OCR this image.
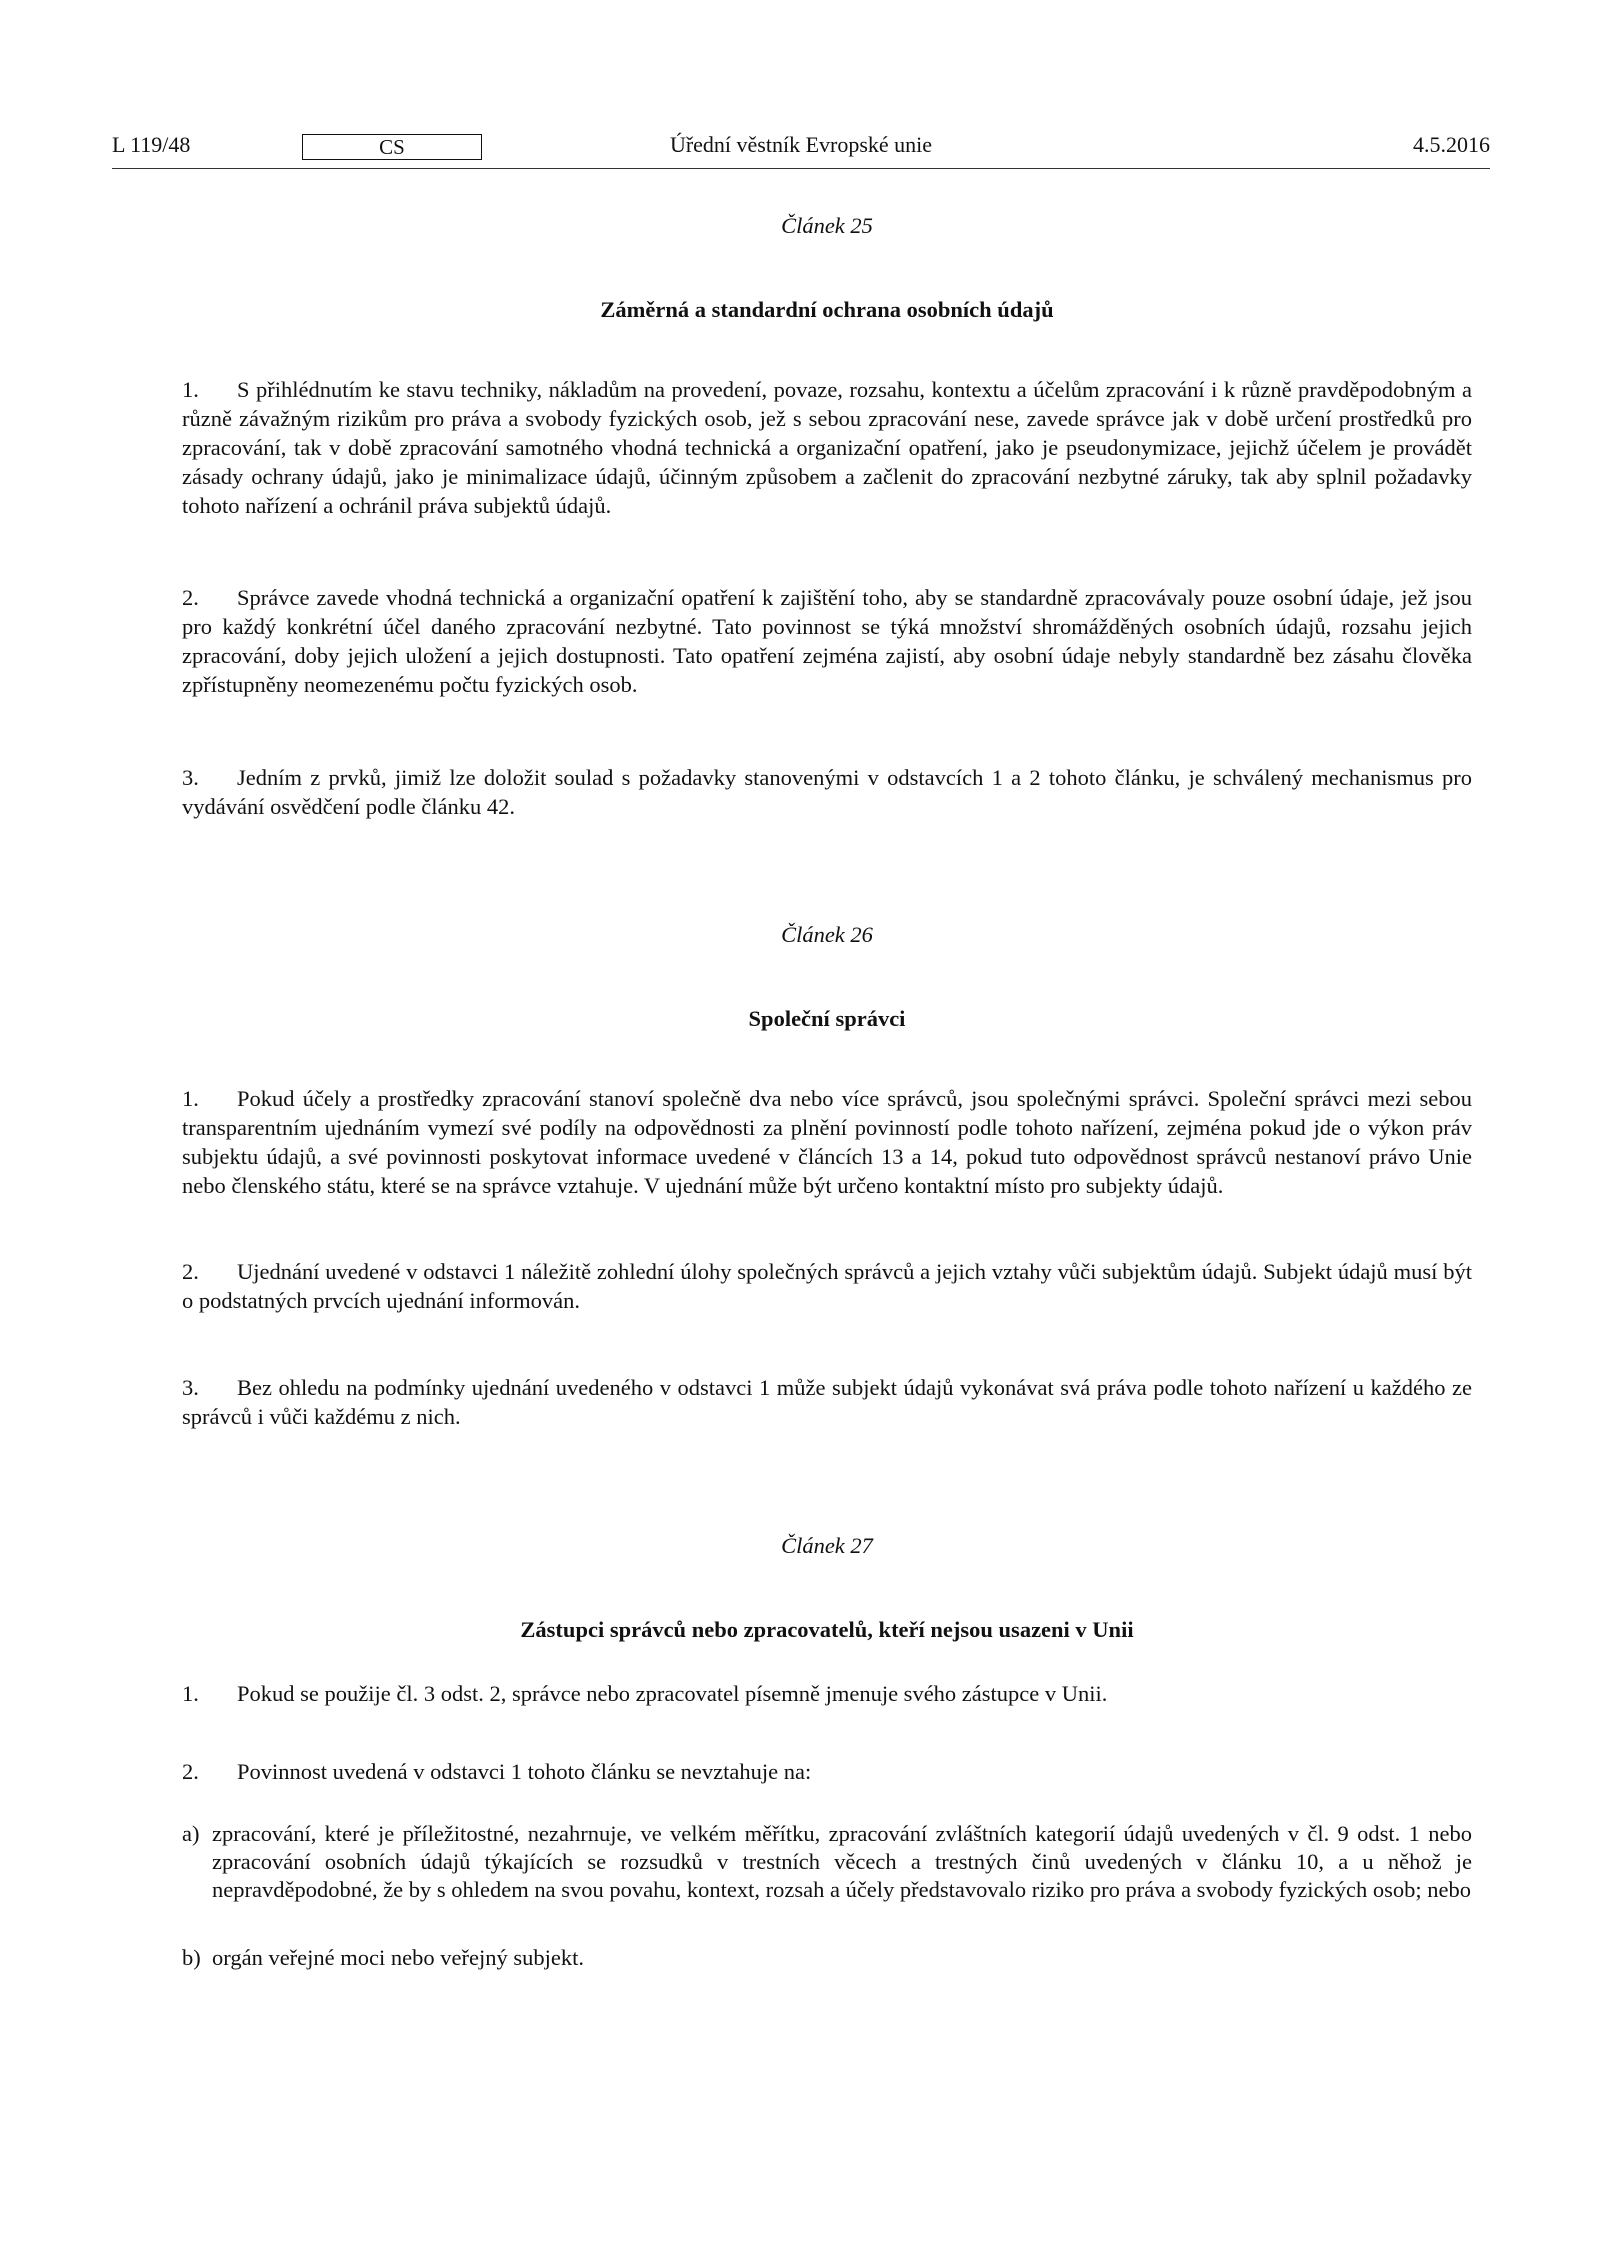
L 119/48	CS	Úřední věstník Evropské unie	4.5.2016

Článek 25

Záměrná a standardní ochrana osobních údajů

1. S přihlédnutím ke stavu techniky, nákladům na provedení, povaze, rozsahu, kontextu a účelům zpracování i k různě pravděpodobným a různě závažným rizikům pro práva a svobody fyzických osob, jež s sebou zpracování nese, zavede správce jak v době určení prostředků pro zpracování, tak v době zpracování samotného vhodná technická a organizační opatření, jako je pseudonymizace, jejichž účelem je provádět zásady ochrany údajů, jako je minimalizace údajů, účinným způsobem a začlenit do zpracování nezbytné záruky, tak aby splnil požadavky tohoto nařízení a ochránil práva subjektů údajů.

2. Správce zavede vhodná technická a organizační opatření k zajištění toho, aby se standardně zpracovávaly pouze osobní údaje, jež jsou pro každý konkrétní účel daného zpracování nezbytné. Tato povinnost se týká množství shromážděných osobních údajů, rozsahu jejich zpracování, doby jejich uložení a jejich dostupnosti. Tato opatření zejména zajistí, aby osobní údaje nebyly standardně bez zásahu člověka zpřístupněny neomezenému počtu fyzických osob.

3. Jedním z prvků, jimiž lze doložit soulad s požadavky stanovenými v odstavcích 1 a 2 tohoto článku, je schválený mechanismus pro vydávání osvědčení podle článku 42.

Článek 26

Společní správci

1. Pokud účely a prostředky zpracování stanoví společně dva nebo více správců, jsou společnými správci. Společní správci mezi sebou transparentním ujednáním vymezí své podíly na odpovědnosti za plnění povinností podle tohoto nařízení, zejména pokud jde o výkon práv subjektu údajů, a své povinnosti poskytovat informace uvedené v článcích 13 a 14, pokud tuto odpovědnost správců nestanoví právo Unie nebo členského státu, které se na správce vztahuje. V ujednání může být určeno kontaktní místo pro subjekty údajů.

2. Ujednání uvedené v odstavci 1 náležitě zohlední úlohy společných správců a jejich vztahy vůči subjektům údajů. Subjekt údajů musí být o podstatných prvcích ujednání informován.

3. Bez ohledu na podmínky ujednání uvedeného v odstavci 1 může subjekt údajů vykonávat svá práva podle tohoto nařízení u každého ze správců i vůči každému z nich.

Článek 27

Zástupci správců nebo zpracovatelů, kteří nejsou usazeni v Unii

1. Pokud se použije čl. 3 odst. 2, správce nebo zpracovatel písemně jmenuje svého zástupce v Unii.

2. Povinnost uvedená v odstavci 1 tohoto článku se nevztahuje na:

a) zpracování, které je příležitostné, nezahrnuje, ve velkém měřítku, zpracování zvláštních kategorií údajů uvedených v čl. 9 odst. 1 nebo zpracování osobních údajů týkajících se rozsudků v trestních věcech a trestných činů uvedených v článku 10, a u něhož je nepravděpodobné, že by s ohledem na svou povahu, kontext, rozsah a účely představovalo riziko pro práva a svobody fyzických osob; nebo

b) orgán veřejné moci nebo veřejný subjekt.
